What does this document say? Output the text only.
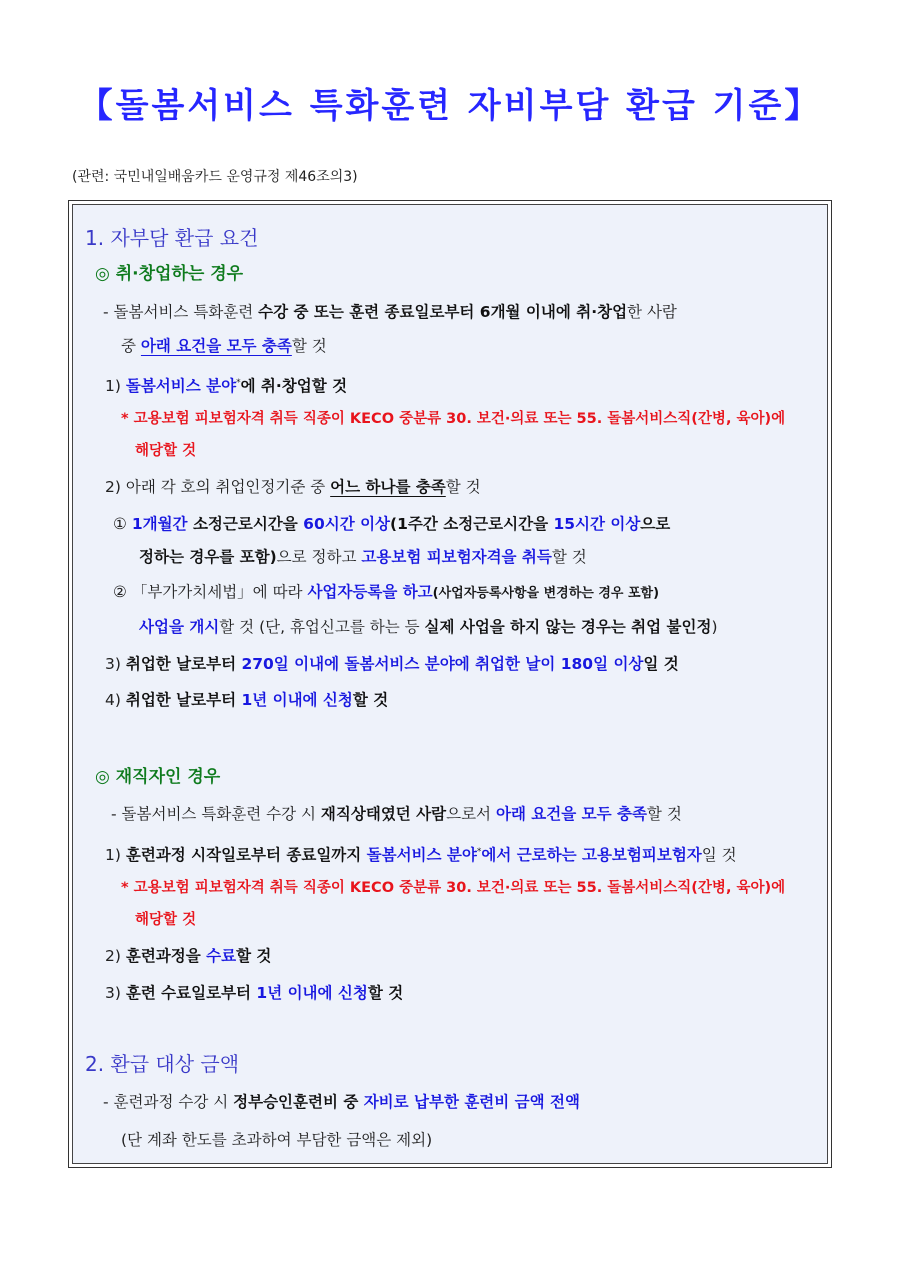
【돌봄서비스 특화훈련 자비부담 환급 기준】
(관련: 국민내일배움카드 운영규정 제46조의3)
1. 자부담 환급 요건
◎ 취·창업하는 경우
- 돌봄서비스 특화훈련 수강 중 또는 훈련 종료일로부터 6개월 이내에 취·창업한 사람
중 아래 요건을 모두 충족할 것
1) 돌봄서비스 분야*에 취·창업할 것
* 고용보험 피보험자격 취득 직종이 KECO 중분류 30. 보건·의료 또는 55. 돌봄서비스직(간병, 육아)에
해당할 것
2) 아래 각 호의 취업인정기준 중 어느 하나를 충족할 것
① 1개월간 소정근로시간을 60시간 이상(1주간 소정근로시간을 15시간 이상으로
정하는 경우를 포함)으로 정하고 고용보험 피보험자격을 취득할 것
② 「부가가치세법」에 따라 사업자등록을 하고(사업자등록사항을 변경하는 경우 포함)
사업을 개시할 것 (단, 휴업신고를 하는 등 실제 사업을 하지 않는 경우는 취업 불인정)
3) 취업한 날로부터 270일 이내에 돌봄서비스 분야에 취업한 날이 180일 이상일 것
4) 취업한 날로부터 1년 이내에 신청할 것
◎ 재직자인 경우
- 돌봄서비스 특화훈련 수강 시 재직상태였던 사람으로서 아래 요건을 모두 충족할 것
1) 훈련과정 시작일로부터 종료일까지 돌봄서비스 분야*에서 근로하는 고용보험피보험자일 것
* 고용보험 피보험자격 취득 직종이 KECO 중분류 30. 보건·의료 또는 55. 돌봄서비스직(간병, 육아)에
해당할 것
2) 훈련과정을 수료할 것
3) 훈련 수료일로부터 1년 이내에 신청할 것
2. 환급 대상 금액
- 훈련과정 수강 시 정부승인훈련비 중 자비로 납부한 훈련비 금액 전액
(단 계좌 한도를 초과하여 부담한 금액은 제외)
